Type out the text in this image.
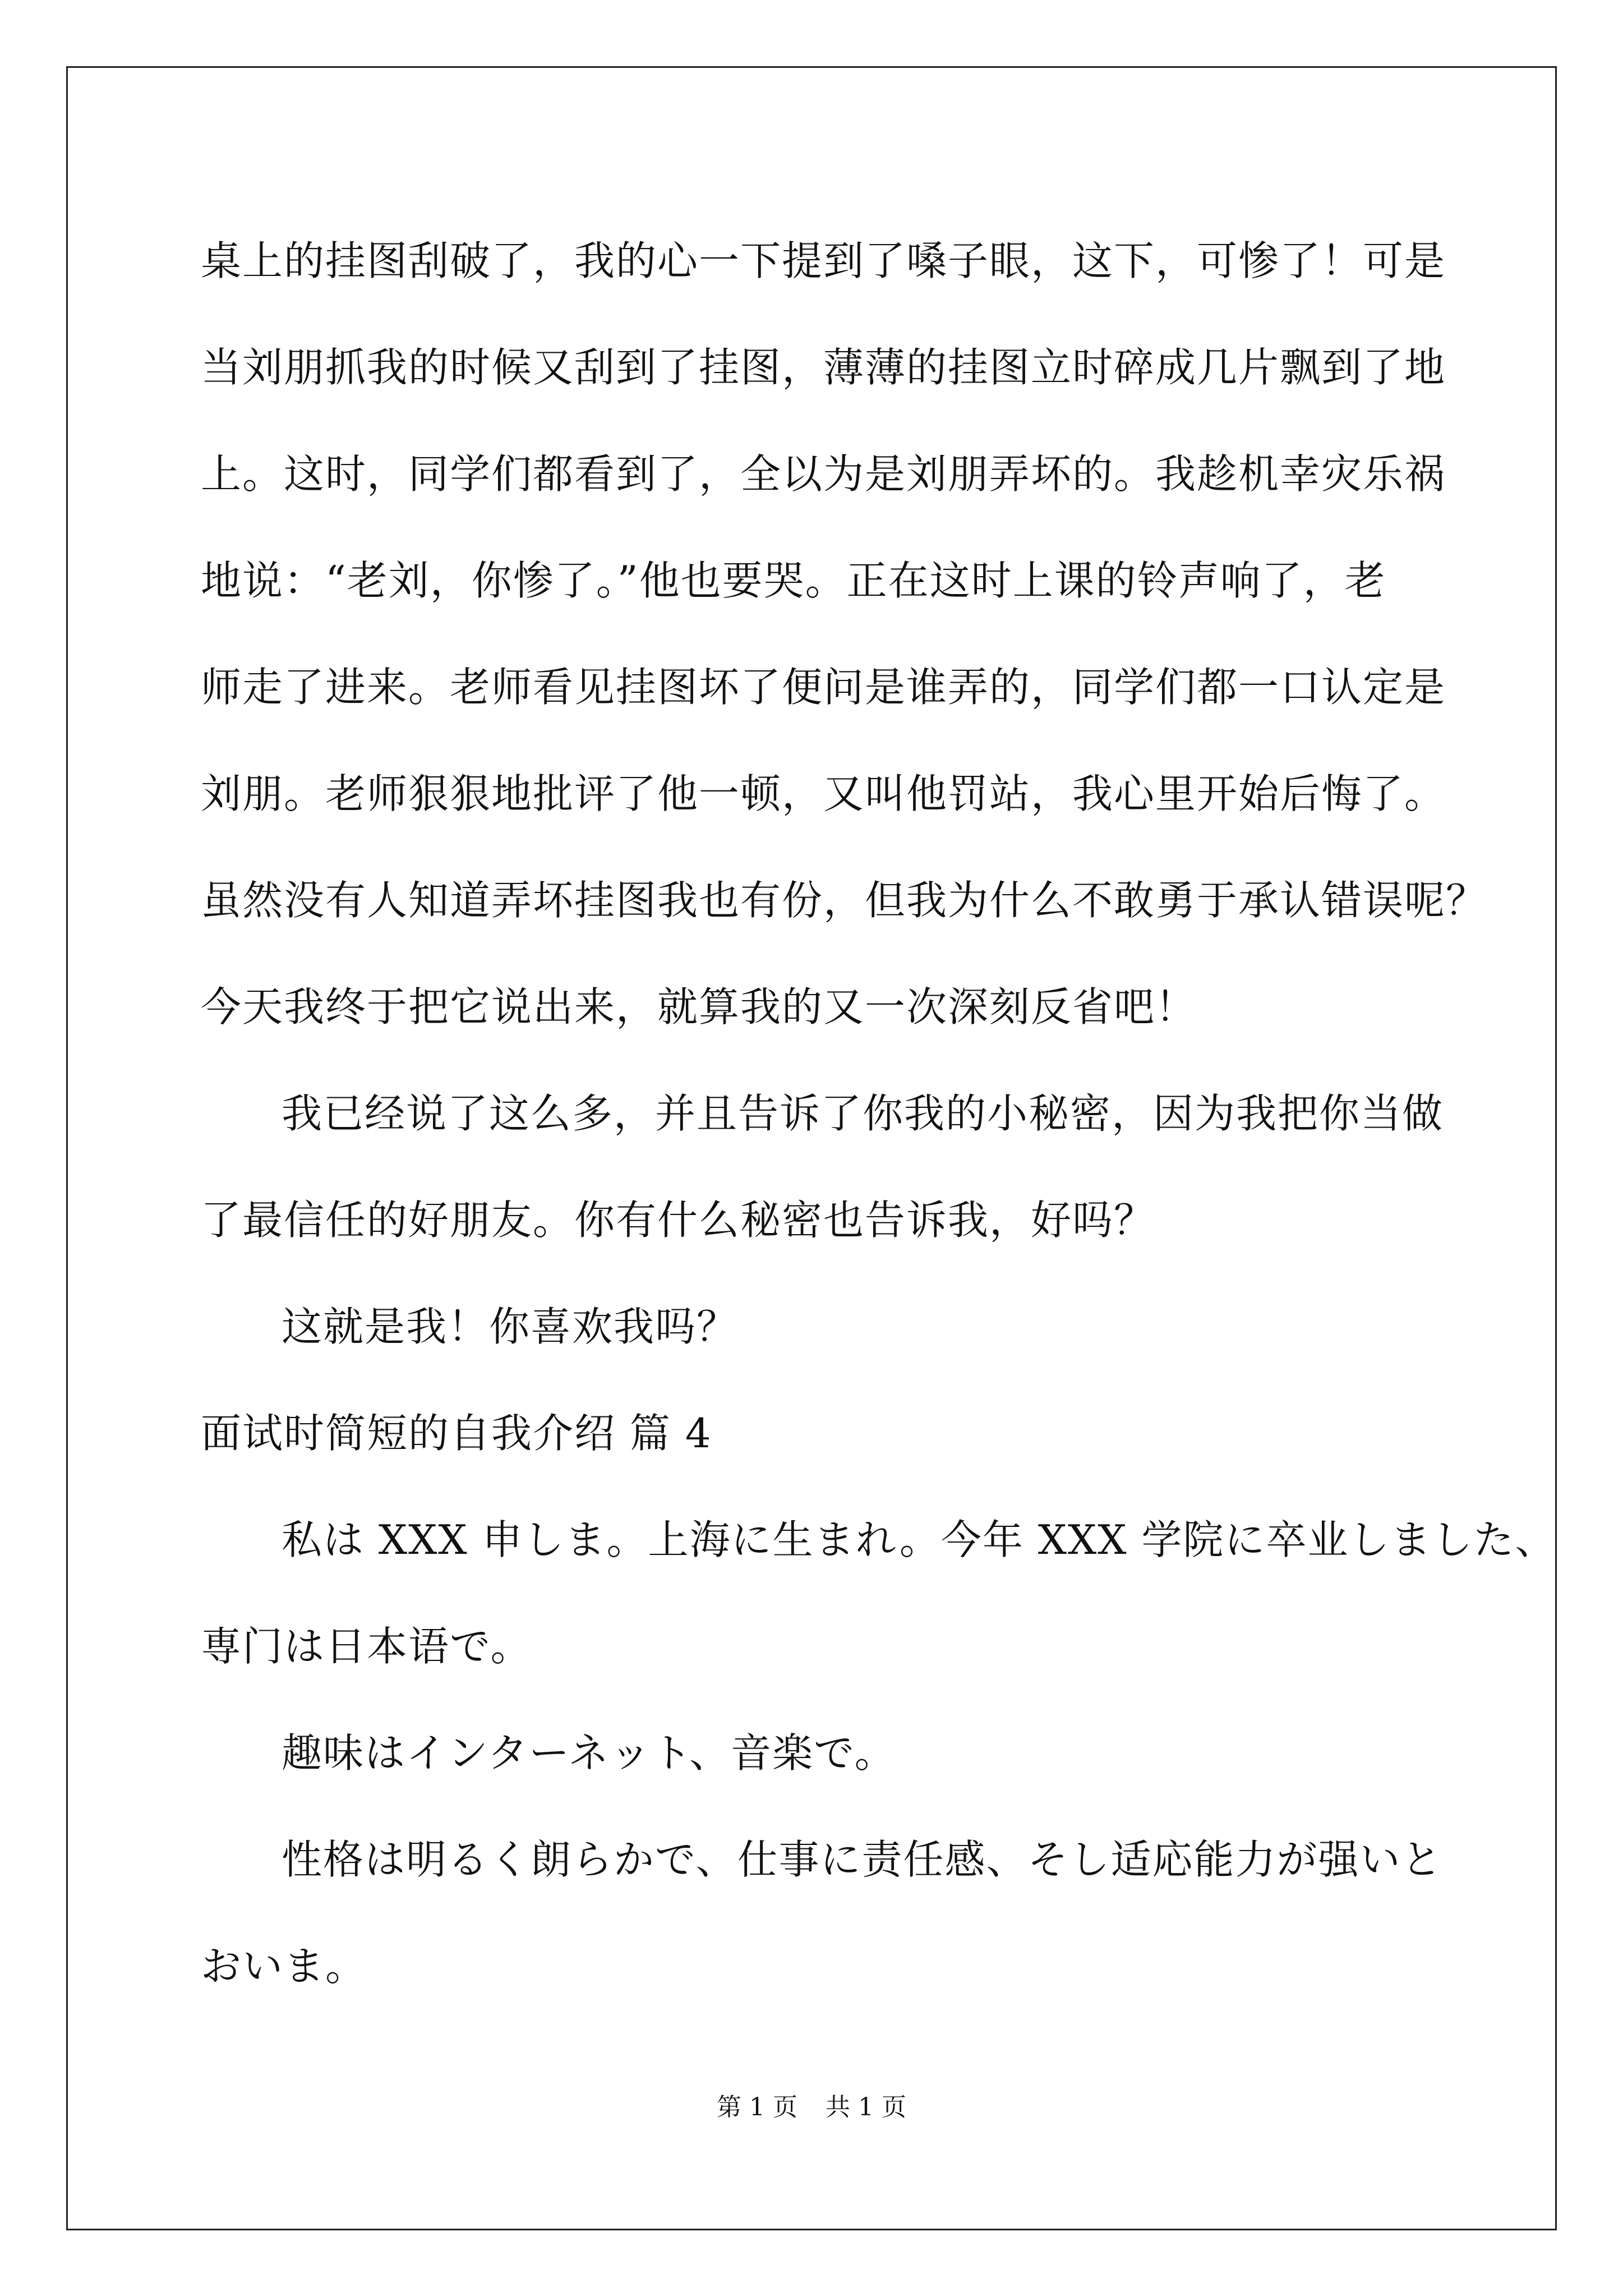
桌上的挂图刮破了，我的心一下提到了嗓子眼，这下，可惨了！可是
当刘朋抓我的时候又刮到了挂图，薄薄的挂图立时碎成几片飘到了地
上。这时，同学们都看到了，全以为是刘朋弄坏的。我趁机幸灾乐祸
地说：“老刘，你惨了。”他也要哭。正在这时上课的铃声响了，老
师走了进来。老师看见挂图坏了便问是谁弄的，同学们都一口认定是
刘朋。老师狠狠地批评了他一顿，又叫他罚站，我心里开始后悔了。
虽然没有人知道弄坏挂图我也有份，但我为什么不敢勇于承认错误呢？
今天我终于把它说出来，就算我的又一次深刻反省吧！
我已经说了这么多，并且告诉了你我的小秘密，因为我把你当做
了最信任的好朋友。你有什么秘密也告诉我，好吗？
这就是我！你喜欢我吗？
面试时简短的自我介绍 篇 4
私は XXX 申しま。上海に生まれ。今年 XXX 学院に卒业しました、
専门は日本语で。
趣味はインターネット、音楽で。
性格は明るく朗らかで、仕事に责任感、そし适応能力が强いと
おいま。
第 1 页 共 1 页
